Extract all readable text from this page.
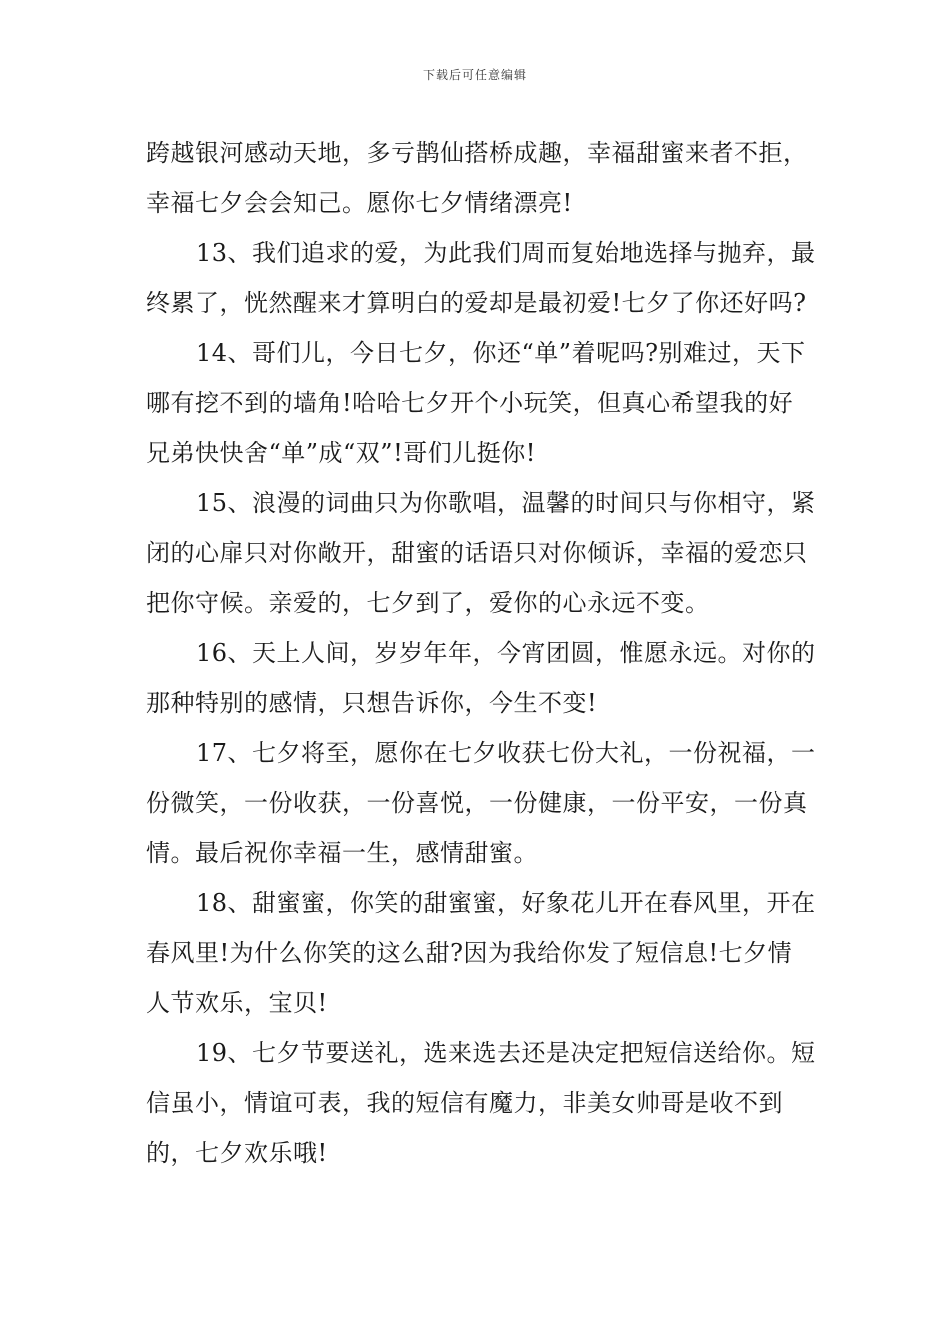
下载后可任意编辑

跨越银河感动天地，多亏鹊仙搭桥成趣，幸福甜蜜来者不拒，幸福七夕会会知己。愿你七夕情绪漂亮!

13、我们追求的爱，为此我们周而复始地选择与抛弃，最终累了，恍然醒来才算明白的爱却是最初爱!七夕了你还好吗?

14、哥们儿，今日七夕，你还“单”着呢吗?别难过，天下哪有挖不到的墙角!哈哈七夕开个小玩笑，但真心希望我的好兄弟快快舍“单”成“双”!哥们儿挺你!

15、浪漫的词曲只为你歌唱，温馨的时间只与你相守，紧闭的心扉只对你敞开，甜蜜的话语只对你倾诉，幸福的爱恋只把你守候。亲爱的，七夕到了，爱你的心永远不变。

16、天上人间，岁岁年年，今宵团圆，惟愿永远。对你的那种特别的感情，只想告诉你，今生不变!

17、七夕将至，愿你在七夕收获七份大礼，一份祝福，一份微笑，一份收获，一份喜悦，一份健康，一份平安，一份真情。最后祝你幸福一生，感情甜蜜。

18、甜蜜蜜，你笑的甜蜜蜜，好象花儿开在春风里，开在春风里!为什么你笑的这么甜?因为我给你发了短信息!七夕情人节欢乐，宝贝!

19、七夕节要送礼，选来选去还是决定把短信送给你。短信虽小，情谊可表，我的短信有魔力，非美女帅哥是收不到的，七夕欢乐哦!
